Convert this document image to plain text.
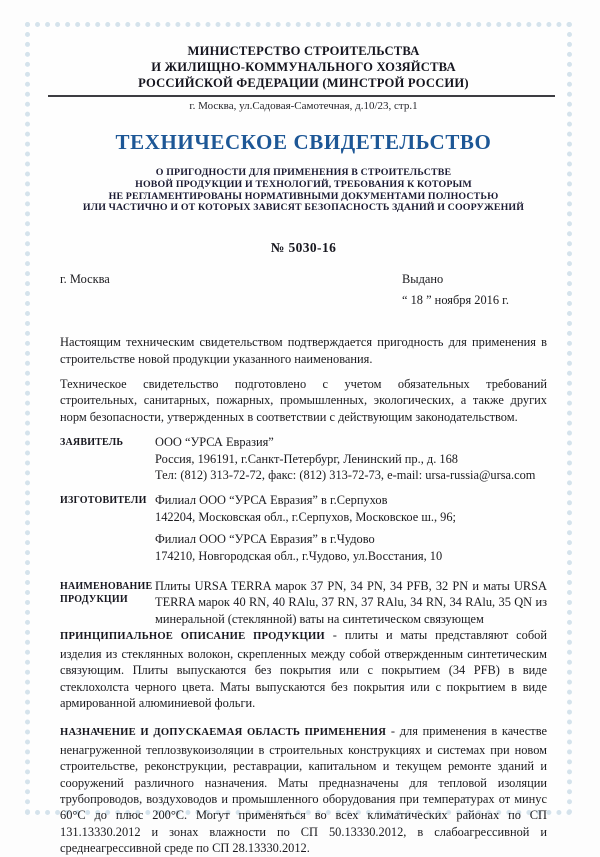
МИНИСТЕРСТВО СТРОИТЕЛЬСТВА
И ЖИЛИЩНО-КОММУНАЛЬНОГО ХОЗЯЙСТВА
РОССИЙСКОЙ ФЕДЕРАЦИИ (МИНСТРОЙ РОССИИ)
г. Москва, ул.Садовая-Самотечная, д.10/23, стр.1
ТЕХНИЧЕСКОЕ СВИДЕТЕЛЬСТВО
О ПРИГОДНОСТИ ДЛЯ ПРИМЕНЕНИЯ В СТРОИТЕЛЬСТВЕ
НОВОЙ ПРОДУКЦИИ И ТЕХНОЛОГИЙ, ТРЕБОВАНИЯ К КОТОРЫМ
НЕ РЕГЛАМЕНТИРОВАНЫ НОРМАТИВНЫМИ ДОКУМЕНТАМИ ПОЛНОСТЬЮ
ИЛИ ЧАСТИЧНО И ОТ КОТОРЫХ ЗАВИСЯТ БЕЗОПАСНОСТЬ ЗДАНИЙ И СООРУЖЕНИЙ
№ 5030-16
г. Москва	Выдано
“ 18 ” ноября 2016 г.

Настоящим техническим свидетельством подтверждается пригодность для применения в строительстве новой продукции указанного наименования.

Техническое свидетельство подготовлено с учетом обязательных требований строительных, санитарных, пожарных, промышленных, экологических, а также других норм безопасности, утвержденных в соответствии с действующим законодательством.

ЗАЯВИТЕЛЬ	ООО “УРСА Евразия”
Россия, 196191, г.Санкт-Петербург, Ленинский пр., д. 168
Тел: (812) 313-72-72, факс: (812) 313-72-73, e-mail: ursa-russia@ursa.com
ИЗГОТОВИТЕЛИ Филиал ООО “УРСА Евразия” в г.Серпухов
142204, Московская обл., г.Серпухов, Московское ш., 96;
Филиал ООО “УРСА Евразия” в г.Чудово
174210, Новгородская обл., г.Чудово, ул.Восстания, 10
НАИМЕНОВАНИЕ
ПРОДУКЦИИ
Плиты URSA TERRA марок 37 PN, 34 PN, 34 PFB, 32 PN и маты URSA TERRA марок 40 RN, 40 RAlu, 37 RN, 37 RAlu, 34 RN, 34 RAlu, 35 QN из минеральной (стеклянной) ваты на синтетическом связующем

ПРИНЦИПИАЛЬНОЕ ОПИСАНИЕ ПРОДУКЦИИ - плиты и маты представляют собой изделия из стеклянных волокон, скрепленных между собой отвержденным синтетическим связующим. Плиты выпускаются без покрытия или с покрытием (34 PFB) в виде стеклохолста черного цвета. Маты выпускаются без покрытия или с покрытием в виде армированной алюминиевой фольги.

НАЗНАЧЕНИЕ И ДОПУСКАЕМАЯ ОБЛАСТЬ ПРИМЕНЕНИЯ - для применения в качестве ненагруженной теплозвукоизоляции в строительных конструкциях и системах при новом строительстве, реконструкции, реставрации, капитальном и текущем ремонте зданий и сооружений различного назначения. Маты предназначены для тепловой изоляции трубопроводов, воздуховодов и промышленного оборудования при температурах от минус 60°С до плюс 200°С. Могут применяться во всех климатических районах по СП 131.13330.2012 и зонах влажности по СП 50.13330.2012, в слабоагрессивной и среднеагрессивной среде по СП 28.13330.2012.
